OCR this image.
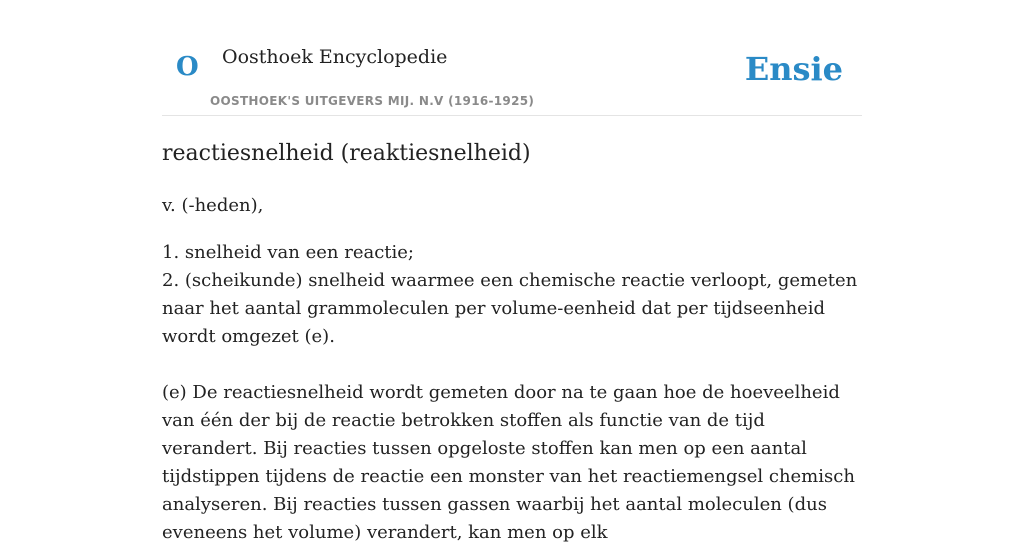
O Oosthoek Encyclopedie
OOSTHOEK'S UITGEVERS MIJ. N.V (1916-1925)
Ensie
reactiesnelheid (reaktiesnelheid)

v. (-heden),

1. snelheid van een reactie;

2. (scheikunde) snelheid waarmee een chemische reactie verloopt, gemeten naar het aantal grammoleculen per volume-eenheid dat per tijdseenheid wordt omgezet (e).

(e) De reactiesnelheid wordt gemeten door na te gaan hoe de hoeveelheid van één der bij de reactie betrokken stoffen als functie van de tijd verandert. Bij reacties tussen opgeloste stoffen kan men op een aantal tijdstippen tijdens de reactie een monster van het reactiemengsel chemisch analyseren. Bij reacties tussen gassen waarbij het aantal moleculen (dus eveneens het volume) verandert, kan men op elk
